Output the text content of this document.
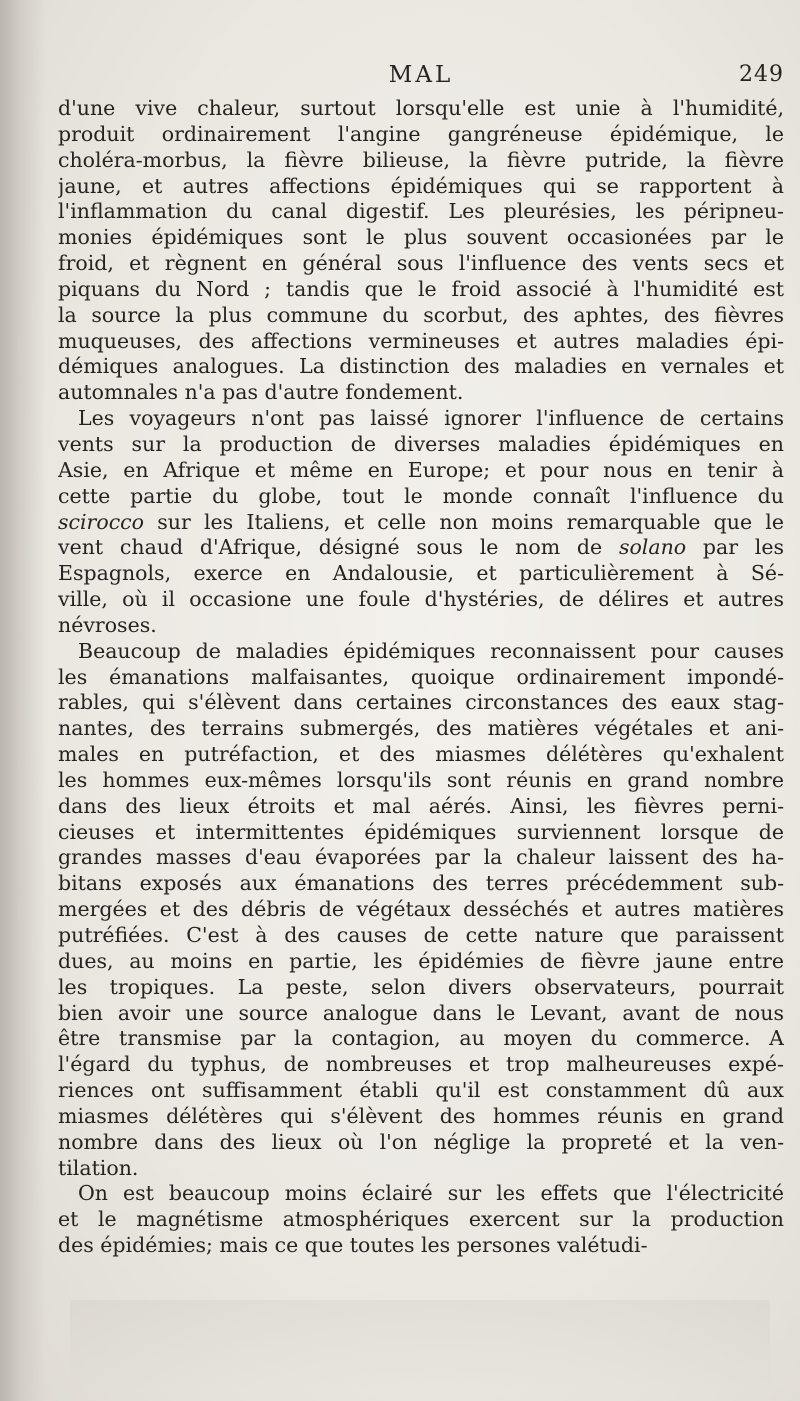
MAL	249
d'une vive chaleur, surtout lorsqu'elle est unie à l'humidité,
produit ordinairement l'angine gangréneuse épidémique, le
choléra-morbus, la fièvre bilieuse, la fièvre putride, la fièvre
jaune, et autres affections épidémiques qui se rapportent à
l'inflammation du canal digestif. Les pleurésies, les péripneu-
monies épidémiques sont le plus souvent occasionées par le
froid, et règnent en général sous l'influence des vents secs et
piquans du Nord ; tandis que le froid associé à l'humidité est
la source la plus commune du scorbut, des aphtes, des fièvres
muqueuses, des affections vermineuses et autres maladies épi-
démiques analogues. La distinction des maladies en vernales et
automnales n'a pas d'autre fondement.
Les voyageurs n'ont pas laissé ignorer l'influence de certains
vents sur la production de diverses maladies épidémiques en
Asie, en Afrique et même en Europe; et pour nous en tenir à
cette partie du globe, tout le monde connaît l'influence du
scirocco sur les Italiens, et celle non moins remarquable que le
vent chaud d'Afrique, désigné sous le nom de solano par les
Espagnols, exerce en Andalousie, et particulièrement à Sé-
ville, où il occasione une foule d'hystéries, de délires et autres
névroses.
Beaucoup de maladies épidémiques reconnaissent pour causes
les émanations malfaisantes, quoique ordinairement impondé-
rables, qui s'élèvent dans certaines circonstances des eaux stag-
nantes, des terrains submergés, des matières végétales et ani-
males en putréfaction, et des miasmes délétères qu'exhalent
les hommes eux-mêmes lorsqu'ils sont réunis en grand nombre
dans des lieux étroits et mal aérés. Ainsi, les fièvres perni-
cieuses et intermittentes épidémiques surviennent lorsque de
grandes masses d'eau évaporées par la chaleur laissent des ha-
bitans exposés aux émanations des terres précédemment sub-
mergées et des débris de végétaux desséchés et autres matières
putréfiées. C'est à des causes de cette nature que paraissent
dues, au moins en partie, les épidémies de fièvre jaune entre
les tropiques. La peste, selon divers observateurs, pourrait
bien avoir une source analogue dans le Levant, avant de nous
être transmise par la contagion, au moyen du commerce. A
l'égard du typhus, de nombreuses et trop malheureuses expé-
riences ont suffisamment établi qu'il est constamment dû aux
miasmes délétères qui s'élèvent des hommes réunis en grand
nombre dans des lieux où l'on néglige la propreté et la ven-
tilation.
On est beaucoup moins éclairé sur les effets que l'électricité
et le magnétisme atmosphériques exercent sur la production
des épidémies; mais ce que toutes les persones valétudi-
